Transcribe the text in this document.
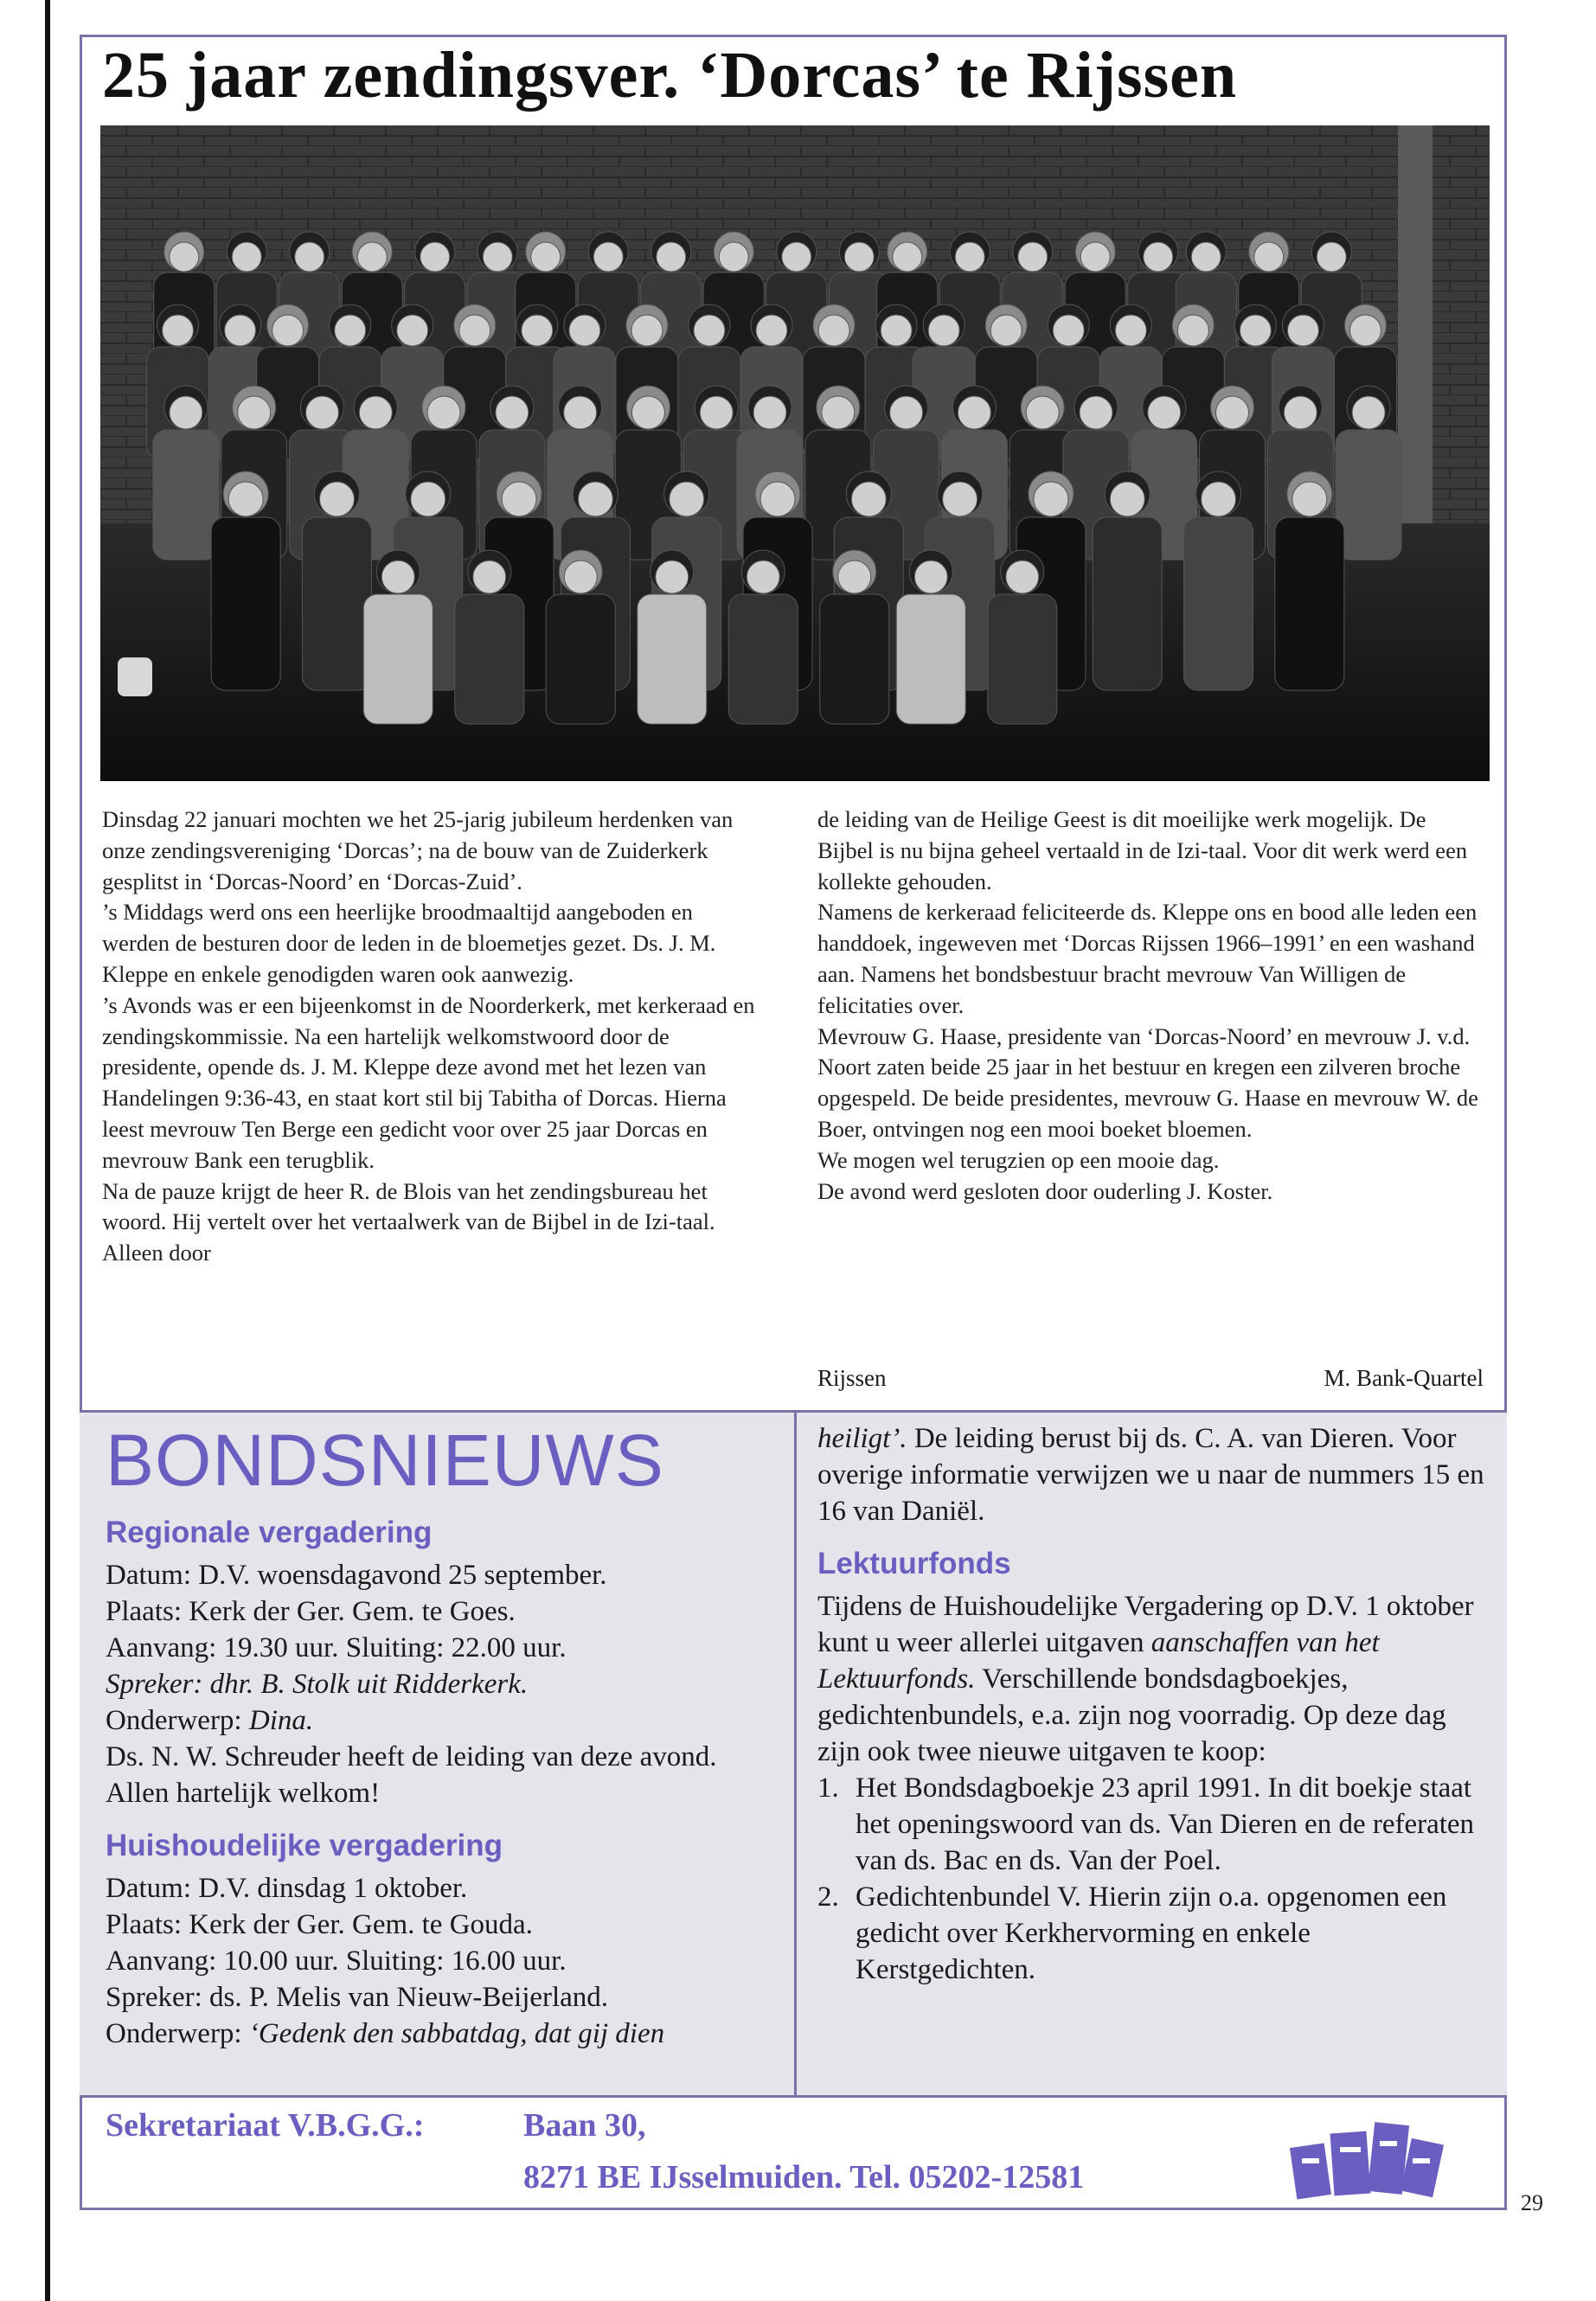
25 jaar zendingsver. ‘Dorcas’ te Rijssen

Dinsdag 22 januari mochten we het 25-jarig jubileum herdenken van onze zendingsvereniging ‘Dorcas’; na de bouw van de Zuiderkerk gesplitst in ‘Dorcas-Noord’ en ‘Dorcas-Zuid’.

’s Middags werd ons een heerlijke broodmaaltijd aangeboden en werden de besturen door de leden in de bloemetjes gezet. Ds. J. M. Kleppe en enkele genodigden waren ook aanwezig.

’s Avonds was er een bijeenkomst in de Noorderkerk, met kerkeraad en zendingskommissie. Na een hartelijk welkomstwoord door de presidente, opende ds. J. M. Kleppe deze avond met het lezen van Handelingen 9:36-43, en staat kort stil bij Tabitha of Dorcas. Hierna leest mevrouw Ten Berge een gedicht voor over 25 jaar Dorcas en mevrouw Bank een terugblik.

Na de pauze krijgt de heer R. de Blois van het zendingsbureau het woord. Hij vertelt over het vertaalwerk van de Bijbel in de Izi-taal. Alleen door

de leiding van de Heilige Geest is dit moeilijke werk mogelijk. De Bijbel is nu bijna geheel vertaald in de Izi-taal. Voor dit werk werd een kollekte gehouden.

Namens de kerkeraad feliciteerde ds. Kleppe ons en bood alle leden een handdoek, ingeweven met ‘Dorcas Rijssen 1966–1991’ en een washand aan. Namens het bondsbestuur bracht mevrouw Van Willigen de felicitaties over.

Mevrouw G. Haase, presidente van ‘Dorcas-Noord’ en mevrouw J. v.d. Noort zaten beide 25 jaar in het bestuur en kregen een zilveren broche opgespeld. De beide presidentes, mevrouw G. Haase en mevrouw W. de Boer, ontvingen nog een mooi boeket bloemen.

We mogen wel terugzien op een mooie dag.

De avond werd gesloten door ouderling J. Koster.

Rijssen	M. Bank-Quartel
BONDSNIEUWS

Regionale vergadering

Datum: D.V. woensdagavond 25 september.

Plaats: Kerk der Ger. Gem. te Goes.

Aanvang: 19.30 uur. Sluiting: 22.00 uur.

Spreker: dhr. B. Stolk uit Ridderkerk.

Onderwerp: Dina.

Ds. N. W. Schreuder heeft de leiding van deze avond. Allen hartelijk welkom!

Huishoudelijke vergadering

Datum: D.V. dinsdag 1 oktober.

Plaats: Kerk der Ger. Gem. te Gouda.

Aanvang: 10.00 uur. Sluiting: 16.00 uur.

Spreker: ds. P. Melis van Nieuw-Beijerland.

Onderwerp: ‘Gedenk den sabbatdag, dat gij dien

heiligt’. De leiding berust bij ds. C. A. van Dieren. Voor overige informatie verwijzen we u naar de nummers 15 en 16 van Daniël.

Lektuurfonds

Tijdens de Huishoudelijke Vergadering op D.V. 1 oktober kunt u weer allerlei uitgaven aanschaffen van het Lektuurfonds. Verschillende bondsdagboekjes, gedichtenbundels, e.a. zijn nog voorradig. Op deze dag zijn ook twee nieuwe uitgaven te koop:

1. Het Bondsdagboekje 23 april 1991. In dit boekje staat het openingswoord van ds. Van Dieren en de referaten van ds. Bac en ds. Van der Poel.
2. Gedichtenbundel V. Hierin zijn o.a. opgenomen een gedicht over Kerkhervorming en enkele Kerstgedichten.
Sekretariaat V.B.G.G.:	Baan 30,
8271 BE IJsselmuiden. Tel. 05202-12581
29
